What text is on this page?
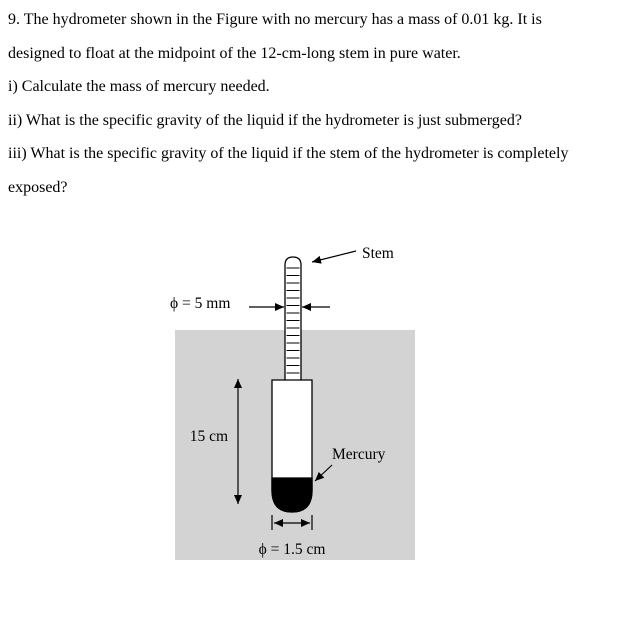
9. The hydrometer shown in the Figure with no mercury has a mass of 0.01 kg. It is

designed to float at the midpoint of the 12-cm-long stem in pure water.

i) Calculate the mass of mercury needed.

ii) What is the specific gravity of the liquid if the hydrometer is just submerged?

iii) What is the specific gravity of the liquid if the stem of the hydrometer is completely

exposed?

Stem
ϕ = 5 mm
15 cm
Mercury
ϕ = 1.5 cm
